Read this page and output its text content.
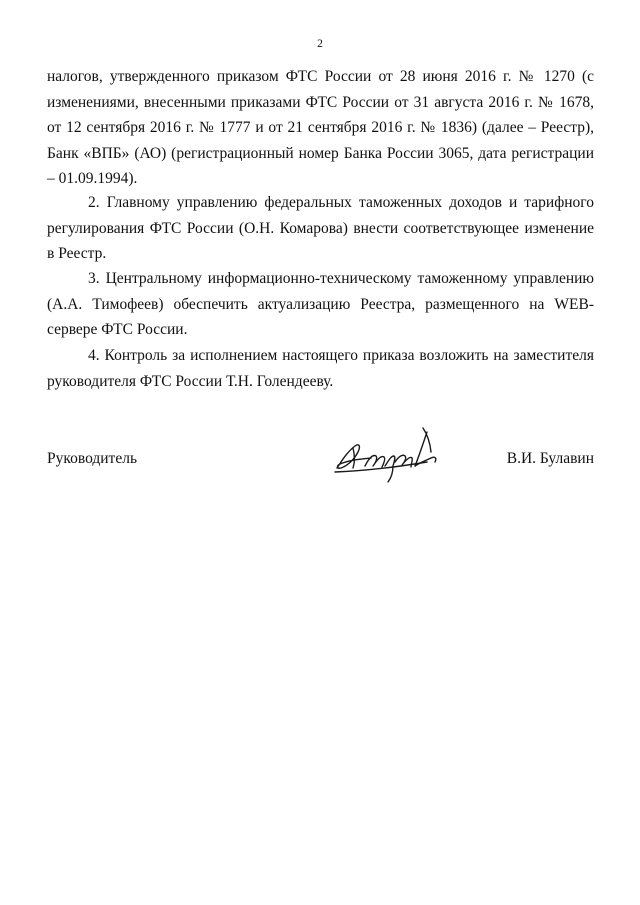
2

налогов, утвержденного приказом ФТС России от 28 июня 2016 г. № 1270 (с изменениями, внесенными приказами ФТС России от 31 августа 2016 г. № 1678, от 12 сентября 2016 г. № 1777 и от 21 сентября 2016 г. № 1836) (далее – Реестр), Банк «ВПБ» (АО) (регистрационный номер Банка России 3065, дата регистрации – 01.09.1994).

2. Главному управлению федеральных таможенных доходов и тарифного регулирования ФТС России (О.Н. Комарова) внести соответствующее изменение в Реестр.

3. Центральному информационно-техническому таможенному управлению (А.А. Тимофеев) обеспечить актуализацию Реестра, размещенного на WEB-сервере ФТС России.

4. Контроль за исполнением настоящего приказа возложить на заместителя руководителя ФТС России Т.Н. Голендееву.

Руководитель	В.И. Булавин
